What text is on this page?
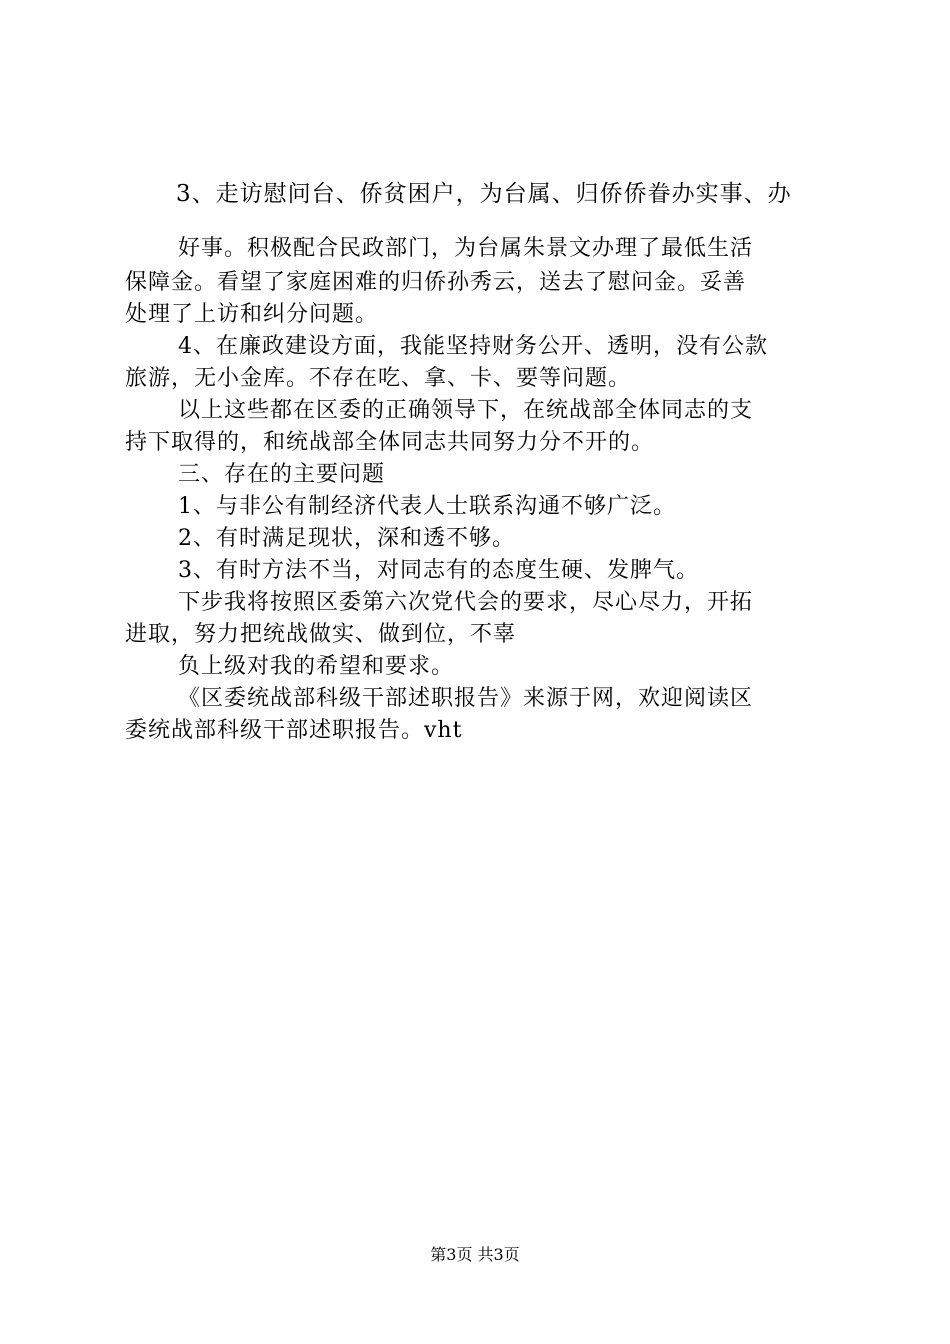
3、走访慰问台、侨贫困户，为台属、归侨侨眷办实事、办
好事。积极配合民政部门，为台属朱景文办理了最低生活
保障金。看望了家庭困难的归侨孙秀云，送去了慰问金。妥善
处理了上访和纠分问题。
4、在廉政建设方面，我能坚持财务公开、透明，没有公款
旅游，无小金库。不存在吃、拿、卡、要等问题。
以上这些都在区委的正确领导下，在统战部全体同志的支
持下取得的，和统战部全体同志共同努力分不开的。
三、存在的主要问题
1、与非公有制经济代表人士联系沟通不够广泛。
2、有时满足现状，深和透不够。
3、有时方法不当，对同志有的态度生硬、发脾气。
下步我将按照区委第六次党代会的要求，尽心尽力，开拓
进取，努力把统战做实、做到位，不辜
负上级对我的希望和要求。
《区委统战部科级干部述职报告》来源于网，欢迎阅读区
委统战部科级干部述职报告。vht
第3页 共3页
